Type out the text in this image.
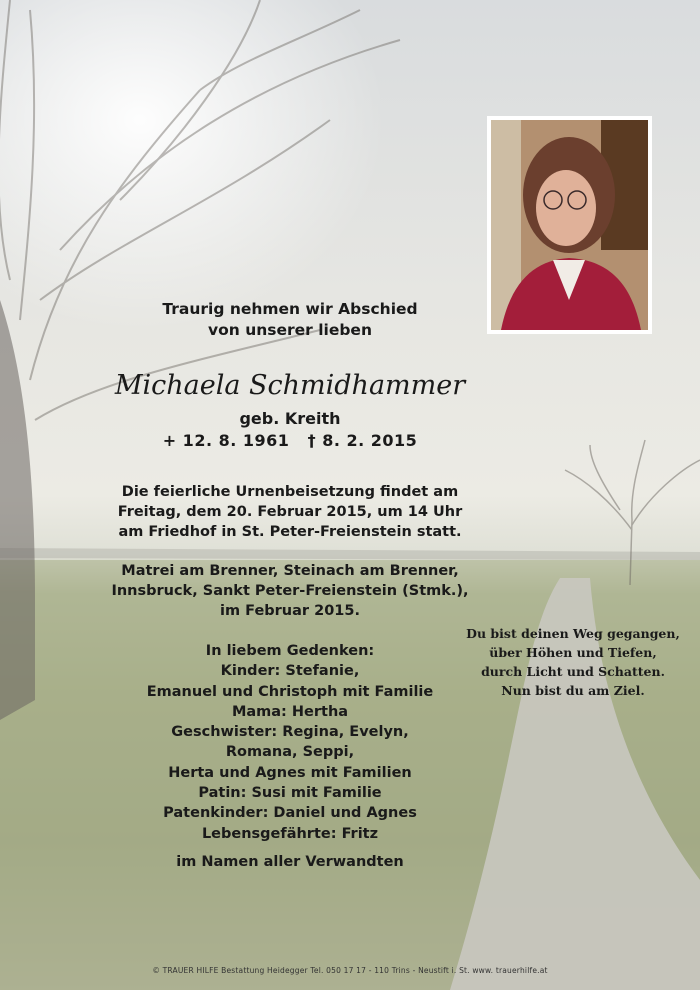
Traurig nehmen wir Abschied
von unserer lieben
Michaela Schmidhammer
geb. Kreith
+ 12. 8. 1961   † 8. 2. 2015
Die feierliche Urnenbeisetzung findet am
Freitag, dem 20. Februar 2015, um 14 Uhr
am Friedhof in St. Peter-Freienstein statt.
Matrei am Brenner, Steinach am Brenner,
Innsbruck, Sankt Peter-Freienstein (Stmk.),
im Februar 2015.
In liebem Gedenken:
Kinder: Stefanie,
Emanuel und Christoph mit Familie
Mama: Hertha
Geschwister: Regina, Evelyn,
Romana, Seppi,
Herta und Agnes mit Familien
Patin: Susi mit Familie
Patenkinder: Daniel und Agnes
Lebensgefährte: Fritz
im Namen aller Verwandten
Du bist deinen Weg gegangen,
über Höhen und Tiefen,
durch Licht und Schatten.
Nun bist du am Ziel.
© TRAUER HILFE Bestattung Heidegger Tel. 050 17 17 - 110 Trins - Neustift i. St. www. trauerhilfe.at
